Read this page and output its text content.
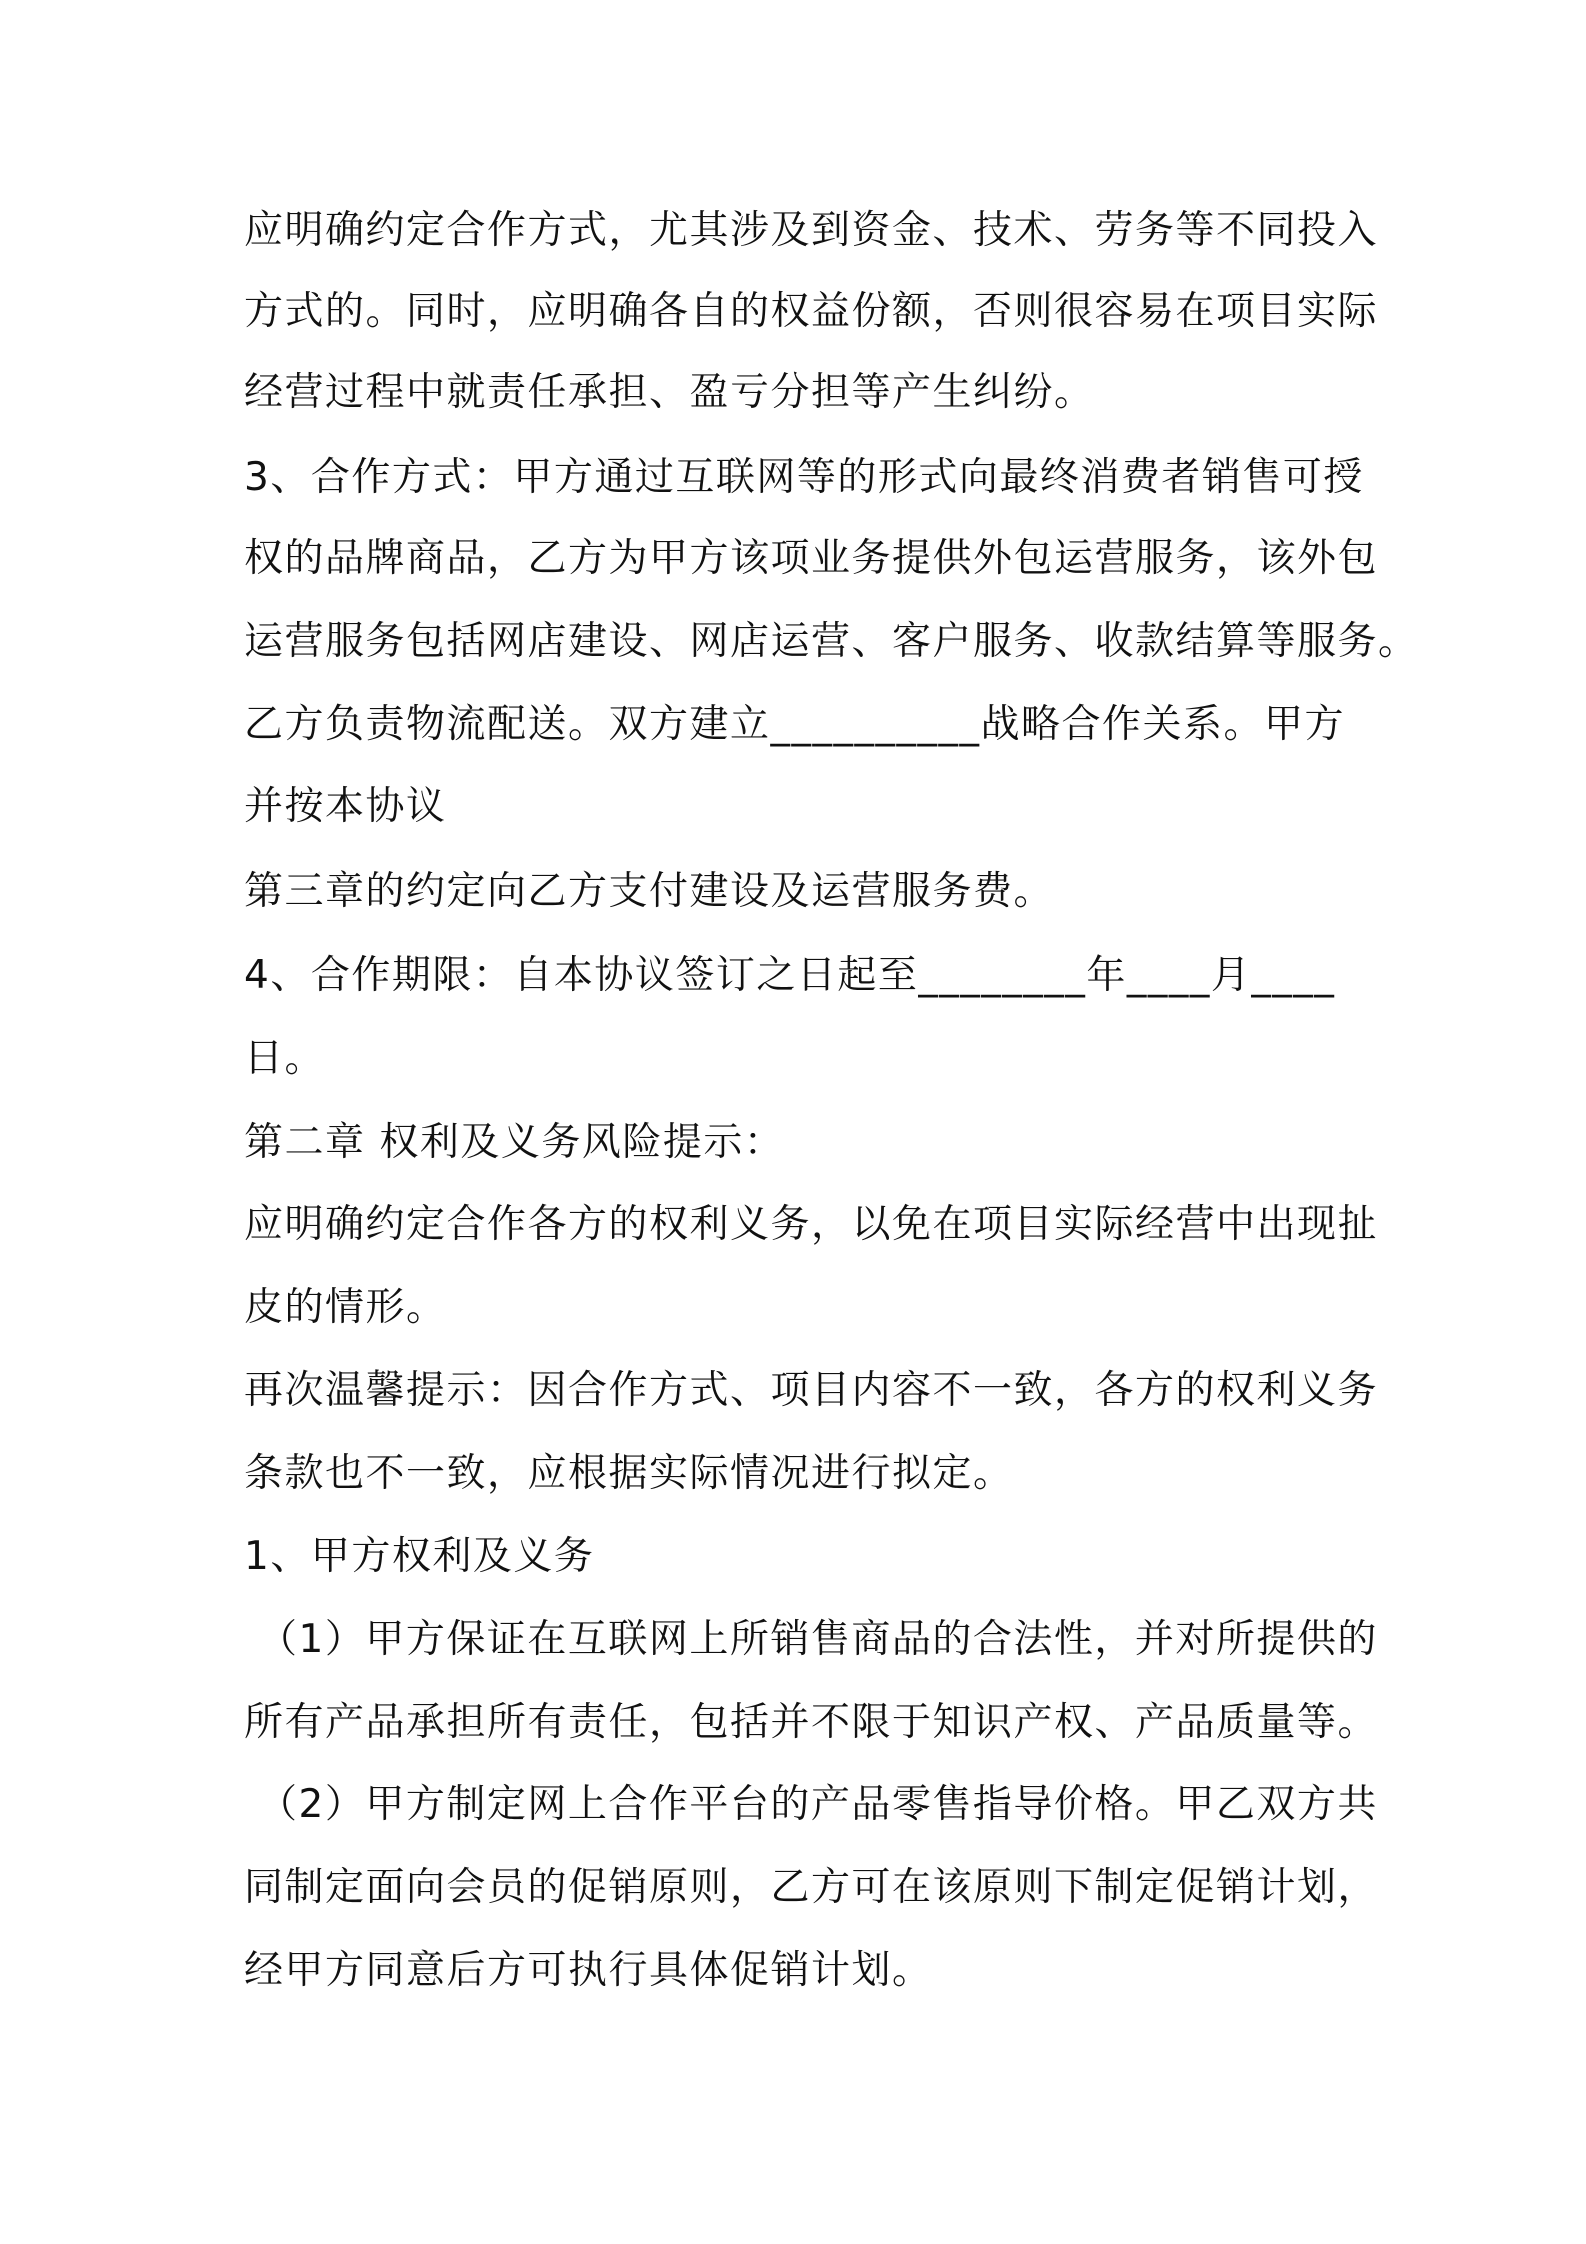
应明确约定合作方式，尤其涉及到资金、技术、劳务等不同投入
方式的。同时，应明确各自的权益份额，否则很容易在项目实际
经营过程中就责任承担、盈亏分担等产生纠纷。
3、合作方式：甲方通过互联网等的形式向最终消费者销售可授
权的品牌商品，乙方为甲方该项业务提供外包运营服务，该外包
运营服务包括网店建设、网店运营、客户服务、收款结算等服务。
乙方负责物流配送。双方建立__________战略合作关系。甲方
并按本协议
第三章的约定向乙方支付建设及运营服务费。
4、合作期限：自本协议签订之日起至________年____月____
日。
第二章 权利及义务风险提示：
应明确约定合作各方的权利义务，以免在项目实际经营中出现扯
皮的情形。
再次温馨提示：因合作方式、项目内容不一致，各方的权利义务
条款也不一致，应根据实际情况进行拟定。
1、甲方权利及义务
（1）甲方保证在互联网上所销售商品的合法性，并对所提供的
所有产品承担所有责任，包括并不限于知识产权、产品质量等。
（2）甲方制定网上合作平台的产品零售指导价格。甲乙双方共
同制定面向会员的促销原则，乙方可在该原则下制定促销计划，
经甲方同意后方可执行具体促销计划。
